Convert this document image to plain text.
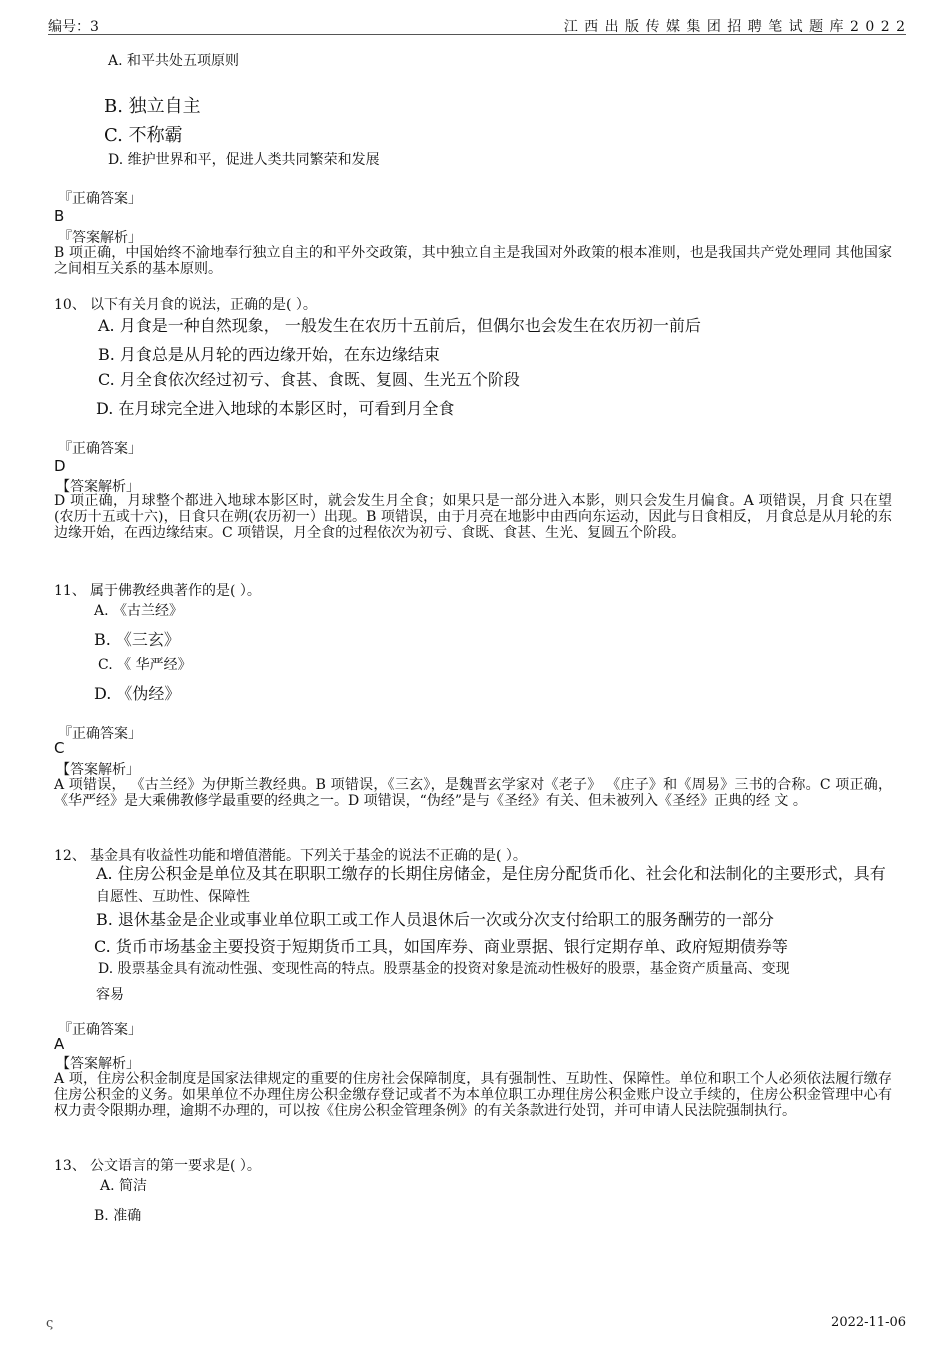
编号：3	江 西 出 版 传 媒 集 团 招 聘 笔 试 题 库 2 0 2 2
A. 和平共处五项原则
B. 独立自主
C. 不称霸
D. 维护世界和平，促进人类共同繁荣和发展
『正确答案」
B
『答案解析」
B 项正确，中国始终不渝地奉行独立自主的和平外交政策，其中独立自主是我国对外政策的根本准则，也是我国共产党处理同 其他国家之间相互关系的基本原则。
10、 以下有关月食的说法，正确的是( ）。
A. 月食是一种自然现象， 一般发生在农历十五前后，但偶尔也会发生在农历初一前后
B. 月食总是从月轮的西边缘开始，在东边缘结束
C. 月全食依次经过初亏、食甚、食既、复圆、生光五个阶段
D. 在月球完全进入地球的本影区时，可看到月全食
『正确答案」
D
【答案解析」
D 项正确，月球整个都进入地球本影区时，就会发生月全食；如果只是一部分进入本影，则只会发生月偏食。A 项错误，月食 只在望(农历十五或十六)，日食只在朔(农历初一）出现。B 项错误，由于月亮在地影中由西向东运动，因此与日食相反， 月食总是从月轮的东边缘开始，在西边缘结束。C 项错误，月全食的过程依次为初亏、食既、食甚、生光、复圆五个阶段。
11、 属于佛教经典著作的是( ）。
A. 《古兰经》
B. 《三玄》
C. 《 华严经》
D. 《伪经》
『正确答案」
C
【答案解析」
A 项错误， 《古兰经》为伊斯兰教经典。B 项错误，《三玄》，是魏晋玄学家对《老子》 《庄子》和《周易》三书的合称。C 项正确， 《华严经》是大乘佛教修学最重要的经典之一。D 项错误，“伪经”是与《圣经》有关、但未被列入《圣经》正典的经 文 。
12、 基金具有收益性功能和增值潜能。下列关于基金的说法不正确的是( ）。
A. 住房公积金是单位及其在职职工缴存的长期住房储金，是住房分配货币化、社会化和法制化的主要形式，具有
自愿性、互助性、保障性
B. 退休基金是企业或事业单位职工或工作人员退休后一次或分次支付给职工的服务酬劳的一部分
C. 货币市场基金主要投资于短期货币工具，如国库券、商业票据、银行定期存单、政府短期债券等
D. 股票基金具有流动性强、变现性高的特点。股票基金的投资对象是流动性极好的股票，基金资产质量高、变现
容易
『正确答案」
A
【答案解析」
A 项，住房公积金制度是国家法律规定的重要的住房社会保障制度，具有强制性、互助性、保障性。单位和职工个人必须依法履行缴存住房公积金的义务。如果单位不办理住房公积金缴存登记或者不为本单位职工办理住房公积金账户设立手续的，住房公积金管理中心有权力责令限期办理，逾期不办理的，可以按《住房公积金管理条例》的有关条款进行处罚，并可申请人民法院强制执行。
13、 公文语言的第一要求是( ）。
A. 简洁
B. 准确
ς	2022-11-06
